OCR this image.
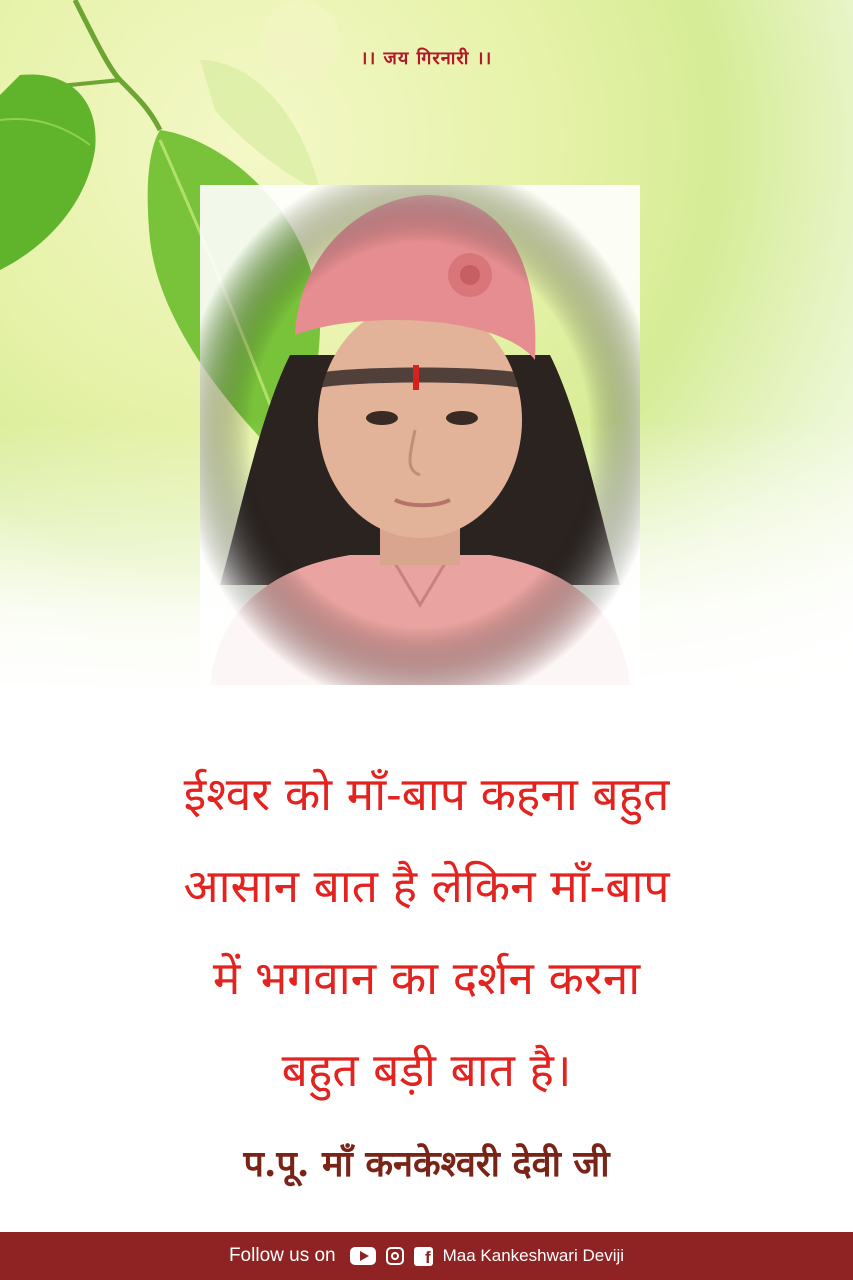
।। जय गिरनारी ।।
ईश्वर को माँ-बाप कहना बहुत
आसान बात है लेकिन माँ-बाप
में भगवान का दर्शन करना
बहुत बड़ी बात है।
प.पू. माँ कनकेश्वरी देवी जी
Follow us on	f Maa Kankeshwari Deviji
